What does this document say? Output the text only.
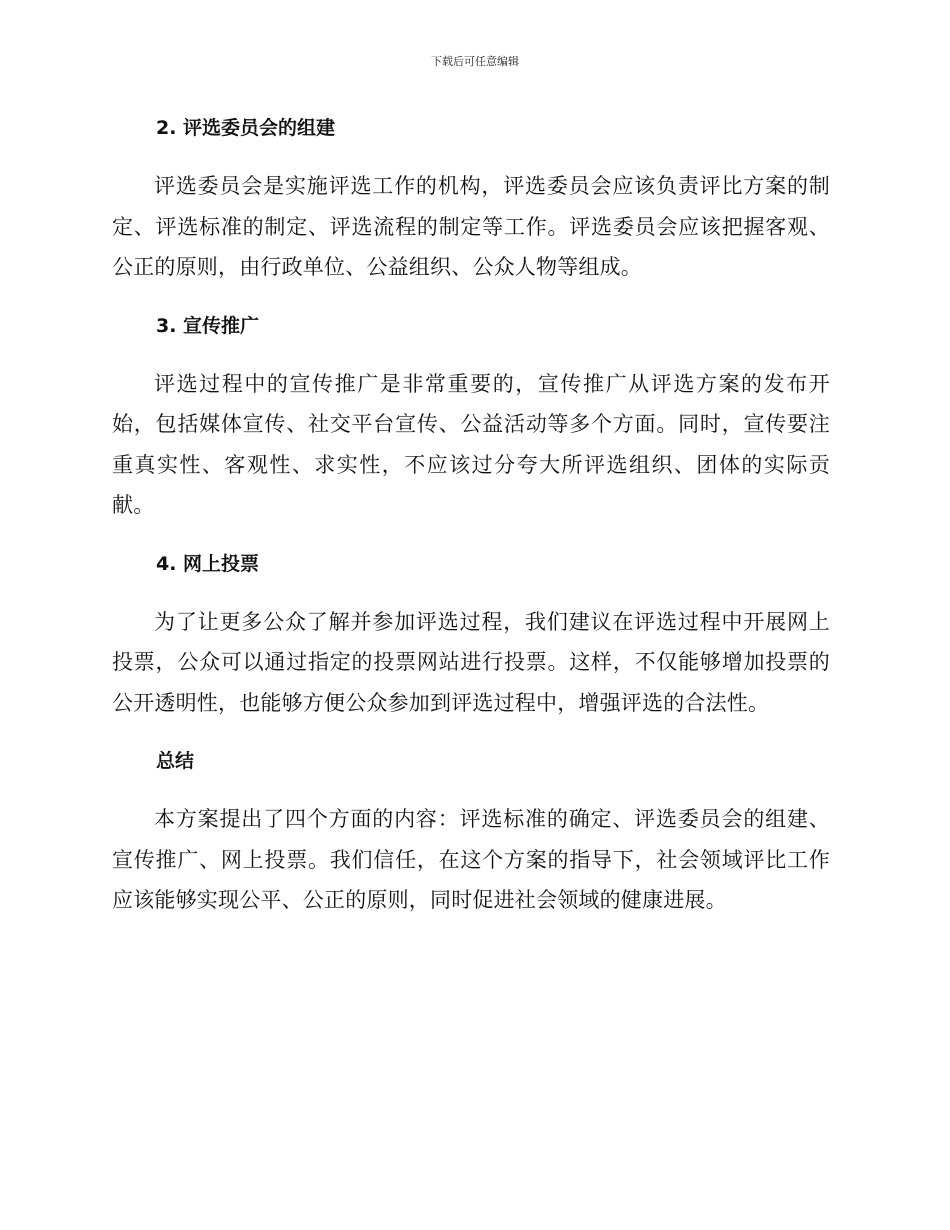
下载后可任意编辑
2. 评选委员会的组建

评选委员会是实施评选工作的机构，评选委员会应该负责评比方案的制定、评选标准的制定、评选流程的制定等工作。评选委员会应该把握客观、公正的原则，由行政单位、公益组织、公众人物等组成。

3. 宣传推广

评选过程中的宣传推广是非常重要的，宣传推广从评选方案的发布开始，包括媒体宣传、社交平台宣传、公益活动等多个方面。同时，宣传要注重真实性、客观性、求实性，不应该过分夸大所评选组织、团体的实际贡献。

4. 网上投票

为了让更多公众了解并参加评选过程，我们建议在评选过程中开展网上投票，公众可以通过指定的投票网站进行投票。这样，不仅能够增加投票的公开透明性，也能够方便公众参加到评选过程中，增强评选的合法性。

总结

本方案提出了四个方面的内容：评选标准的确定、评选委员会的组建、宣传推广、网上投票。我们信任，在这个方案的指导下，社会领域评比工作应该能够实现公平、公正的原则，同时促进社会领域的健康进展。
